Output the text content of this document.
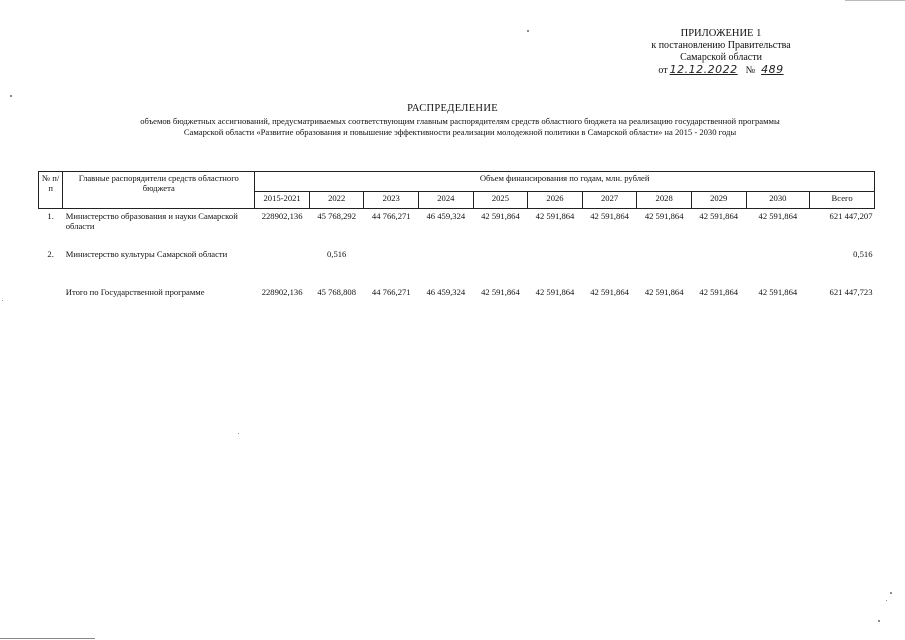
ПРИЛОЖЕНИЕ 1
к постановлению Правительства
Самарской области
от 12.12.2022 № 489
РАСПРЕДЕЛЕНИЕ
объемов бюджетных ассигнований, предусматриваемых соответствующим главным распорядителям средств областного бюджета на реализацию государственной программы
Самарской области «Развитие образования и повышение эффективности реализации молодежной политики в Самарской области» на 2015 - 2030 годы
№ п/п	Главные распорядители средств областного бюджета	Объем финансирования по годам, млн. рублей										
		2015-2021	2022	2023	2024	2025	2026	2027	2028	2029	2030	Всего
1.	Министерство образования и науки Самарской области	228902,136	45 768,292	44 766,271	46 459,324	42 591,864	42 591,864	42 591,864	42 591,864	42 591,864	42 591,864	621 447,207
2.	Министерство культуры Самарской области		0,516									0,516
	Итого по Государственной программе	228902,136	45 768,808	44 766,271	46 459,324	42 591,864	42 591,864	42 591,864	42 591,864	42 591,864	42 591,864	621 447,723
